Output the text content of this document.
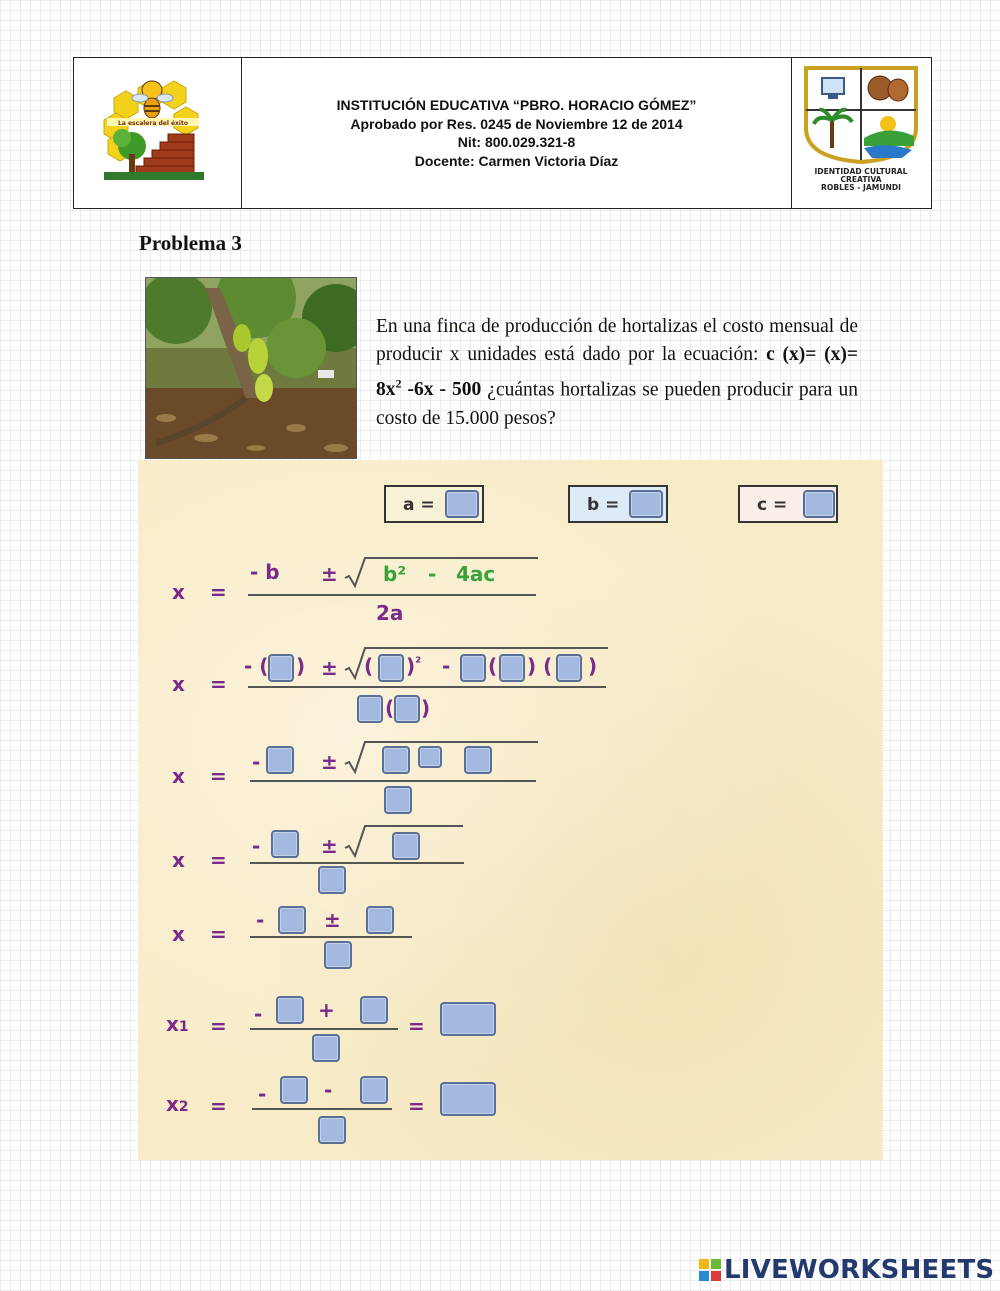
La escalera del éxito
INSTITUCIÓN EDUCATIVA “PBRO. HORACIO GÓMEZ”
Aprobado por Res. 0245 de Noviembre 12 de 2014
Nit: 800.029.321-8
Docente: Carmen Victoria Díaz
IDENTIDAD CULTURAL
CREATIVA
ROBLES - JAMUNDI
Problema 3
En una finca de producción de hortalizas el costo mensual de producir x unidades está dado por la ecuación: c $(x)= (x)= 8x^2$ -6x - 500 ¿cuántas hortalizas se pueden producir para un costo de 15.000 pesos?
a =	b =	c =
x =
- b ± b² - 4ac
2a
x =
- ( ) ± ( )$^{^2}$ - ( ) ( )
( )
x =
-	±
x =
-	±
x =
-	±
x1 = -	+
=
x2 = -	-
=
LIVEWORKSHEETS
